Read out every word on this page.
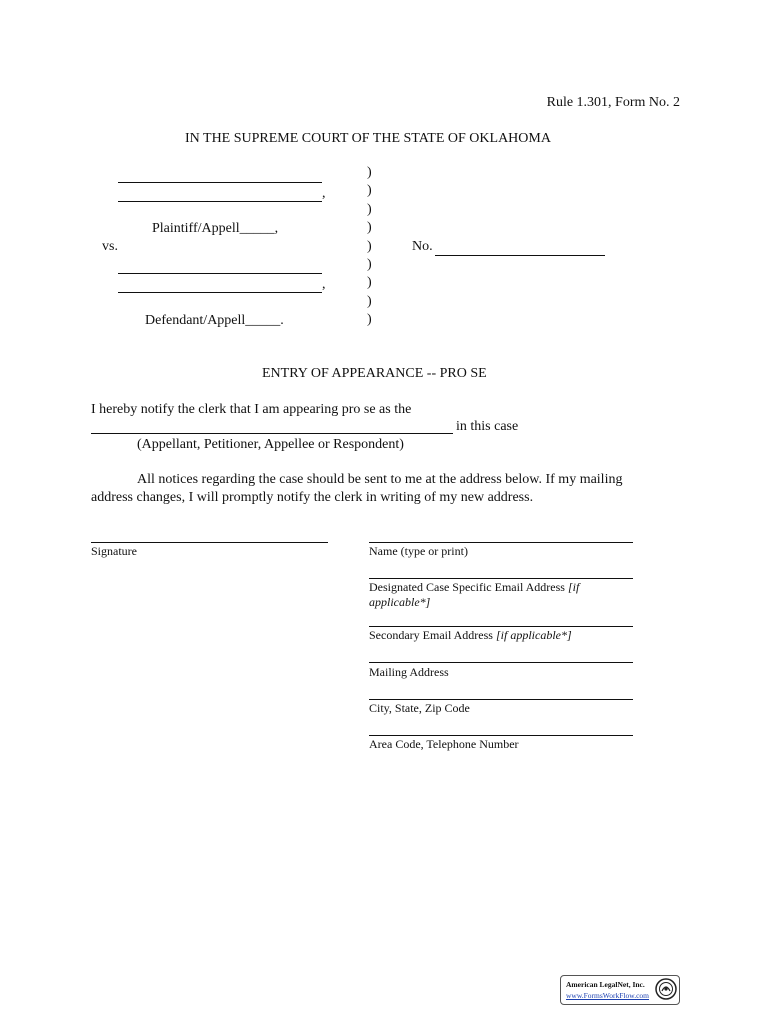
Rule 1.301, Form No. 2
IN THE SUPREME COURT OF THE STATE OF OKLAHOMA
,
Plaintiff/Appell_____,
vs.
,
Defendant/Appell_____.
)
)
)
)
)
)
)
)
)
No.
ENTRY OF APPEARANCE -- PRO SE
I hereby notify the clerk that I am appearing pro se as the
in this case
(Appellant, Petitioner, Appellee or Respondent)
All notices regarding the case should be sent to me at the address below. If my mailing
address changes, I will promptly notify the clerk in writing of my new address.
Signature	Name (type or print)
Designated Case Specific Email Address [if
applicable*]
Secondary Email Address [if applicable*]
Mailing Address
City, State, Zip Code
Area Code, Telephone Number
American LegalNet, Inc.
www.FormsWorkFlow.com
